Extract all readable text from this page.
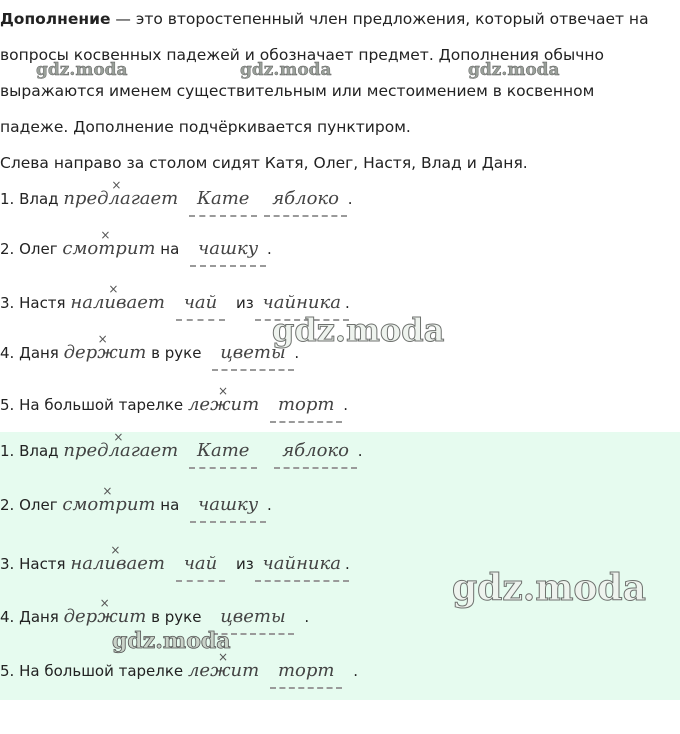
Дополнение — это второстепенный член предложения, который отвечает на
вопросы косвенных падежей и обозначает предмет. Дополнения обычно
выражаются именем существительным или местоимением в косвенном
падеже. Дополнение подчёркивается пунктиром.
Слева направо за столом сидят Катя, Олег, Настя, Влад и Даня.
1. Влад
×
предлагает Кате яблоко .
2. Олег
×
смотрит на чашку .
3. Настя
×
наливает чай из чайника .
4. Даня
×
держит в руке цветы .
5. На большой тарелке
×
лежит торт .
1. Влад
×
предлагает Кате яблоко .
2. Олег
×
смотрит на чашку .
3. Настя
×
наливает чай из чайника .
4. Даня
×
держит в руке цветы .
5. На большой тарелке
×
лежит торт .
gdz.moda	gdz.moda	gdz.moda
gdz.moda
gdz.moda
gdz.moda
